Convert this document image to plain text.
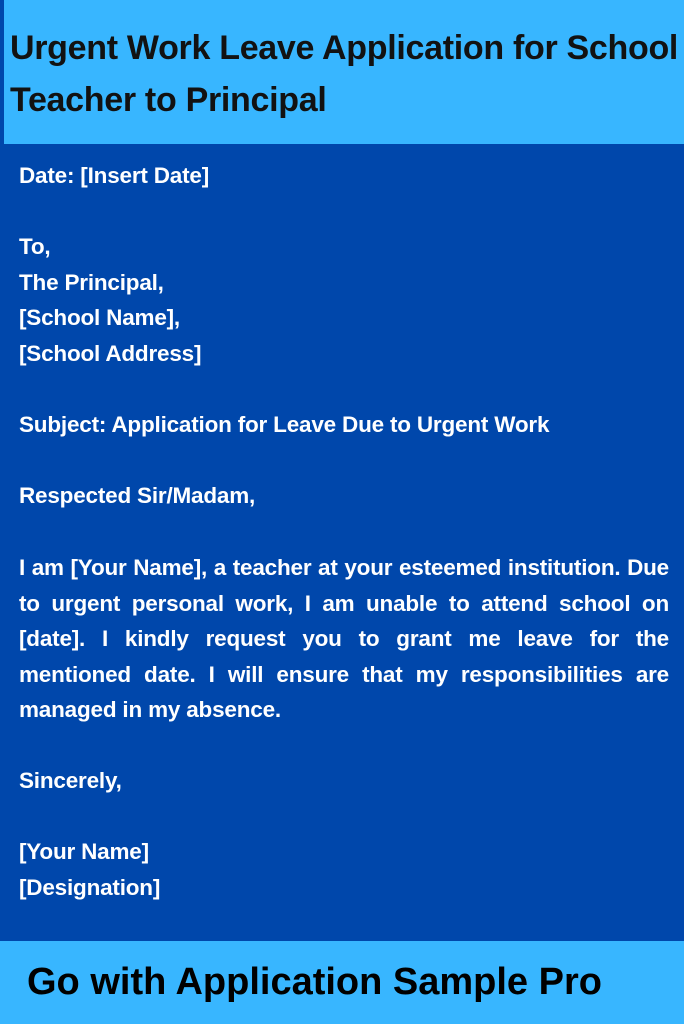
Urgent Work Leave Application for School Teacher to Principal

Date: [Insert Date]

To,

The Principal,

[School Name],

[School Address]

Subject: Application for Leave Due to Urgent Work

Respected Sir/Madam,

I am [Your Name], a teacher at your esteemed institution. Due to urgent personal work, I am unable to attend school on [date]. I kindly request you to grant me leave for the mentioned date. I will ensure that my responsibilities are managed in my absence.

Sincerely,

[Your Name]

[Designation]

Go with Application Sample Pro
